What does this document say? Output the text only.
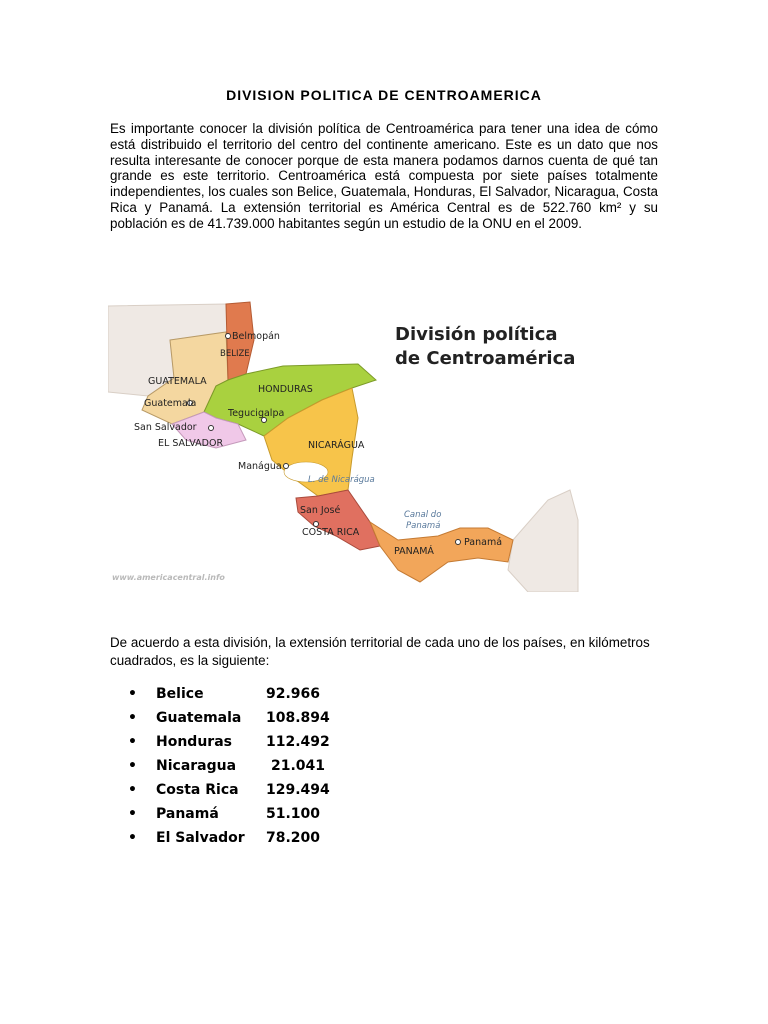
DIVISION POLITICA DE CENTROAMERICA

Es importante conocer la división política de Centroamérica para tener una idea de cómo está distribuido el territorio del centro del continente americano. Este es un dato que nos resulta interesante de conocer porque de esta manera podamos darnos cuenta de qué tan grande es este territorio. Centroamérica está compuesta por siete países totalmente independientes, los cuales son Belice, Guatemala, Honduras, El Salvador, Nicaragua, Costa Rica y Panamá. La extensión territorial es América Central es de 522.760 km² y su población es de 41.739.000 habitantes según un estudio de la ONU en el 2009.

División política
de Centroamérica
Belmopán
BELIZE
GUATEMALA
Guatemala
HONDURAS
Tegucigalpa
San Salvador
EL SALVADOR	NICARÁGUA
Manágua
L. de Nicarágua
Canal do
Panamá
San José
COSTA RICA
PANAMÁ
Panamá
www.americacentral.info

De acuerdo a esta división, la extensión territorial de cada uno de los países, en kilómetros cuadrados, es la siguiente:

•	Belice	92.966
•	Guatemala	108.894
•	Honduras	112.492
•	Nicaragua	21.041
•	Costa Rica	129.494
•	Panamá	51.100
•	El Salvador	78.200
